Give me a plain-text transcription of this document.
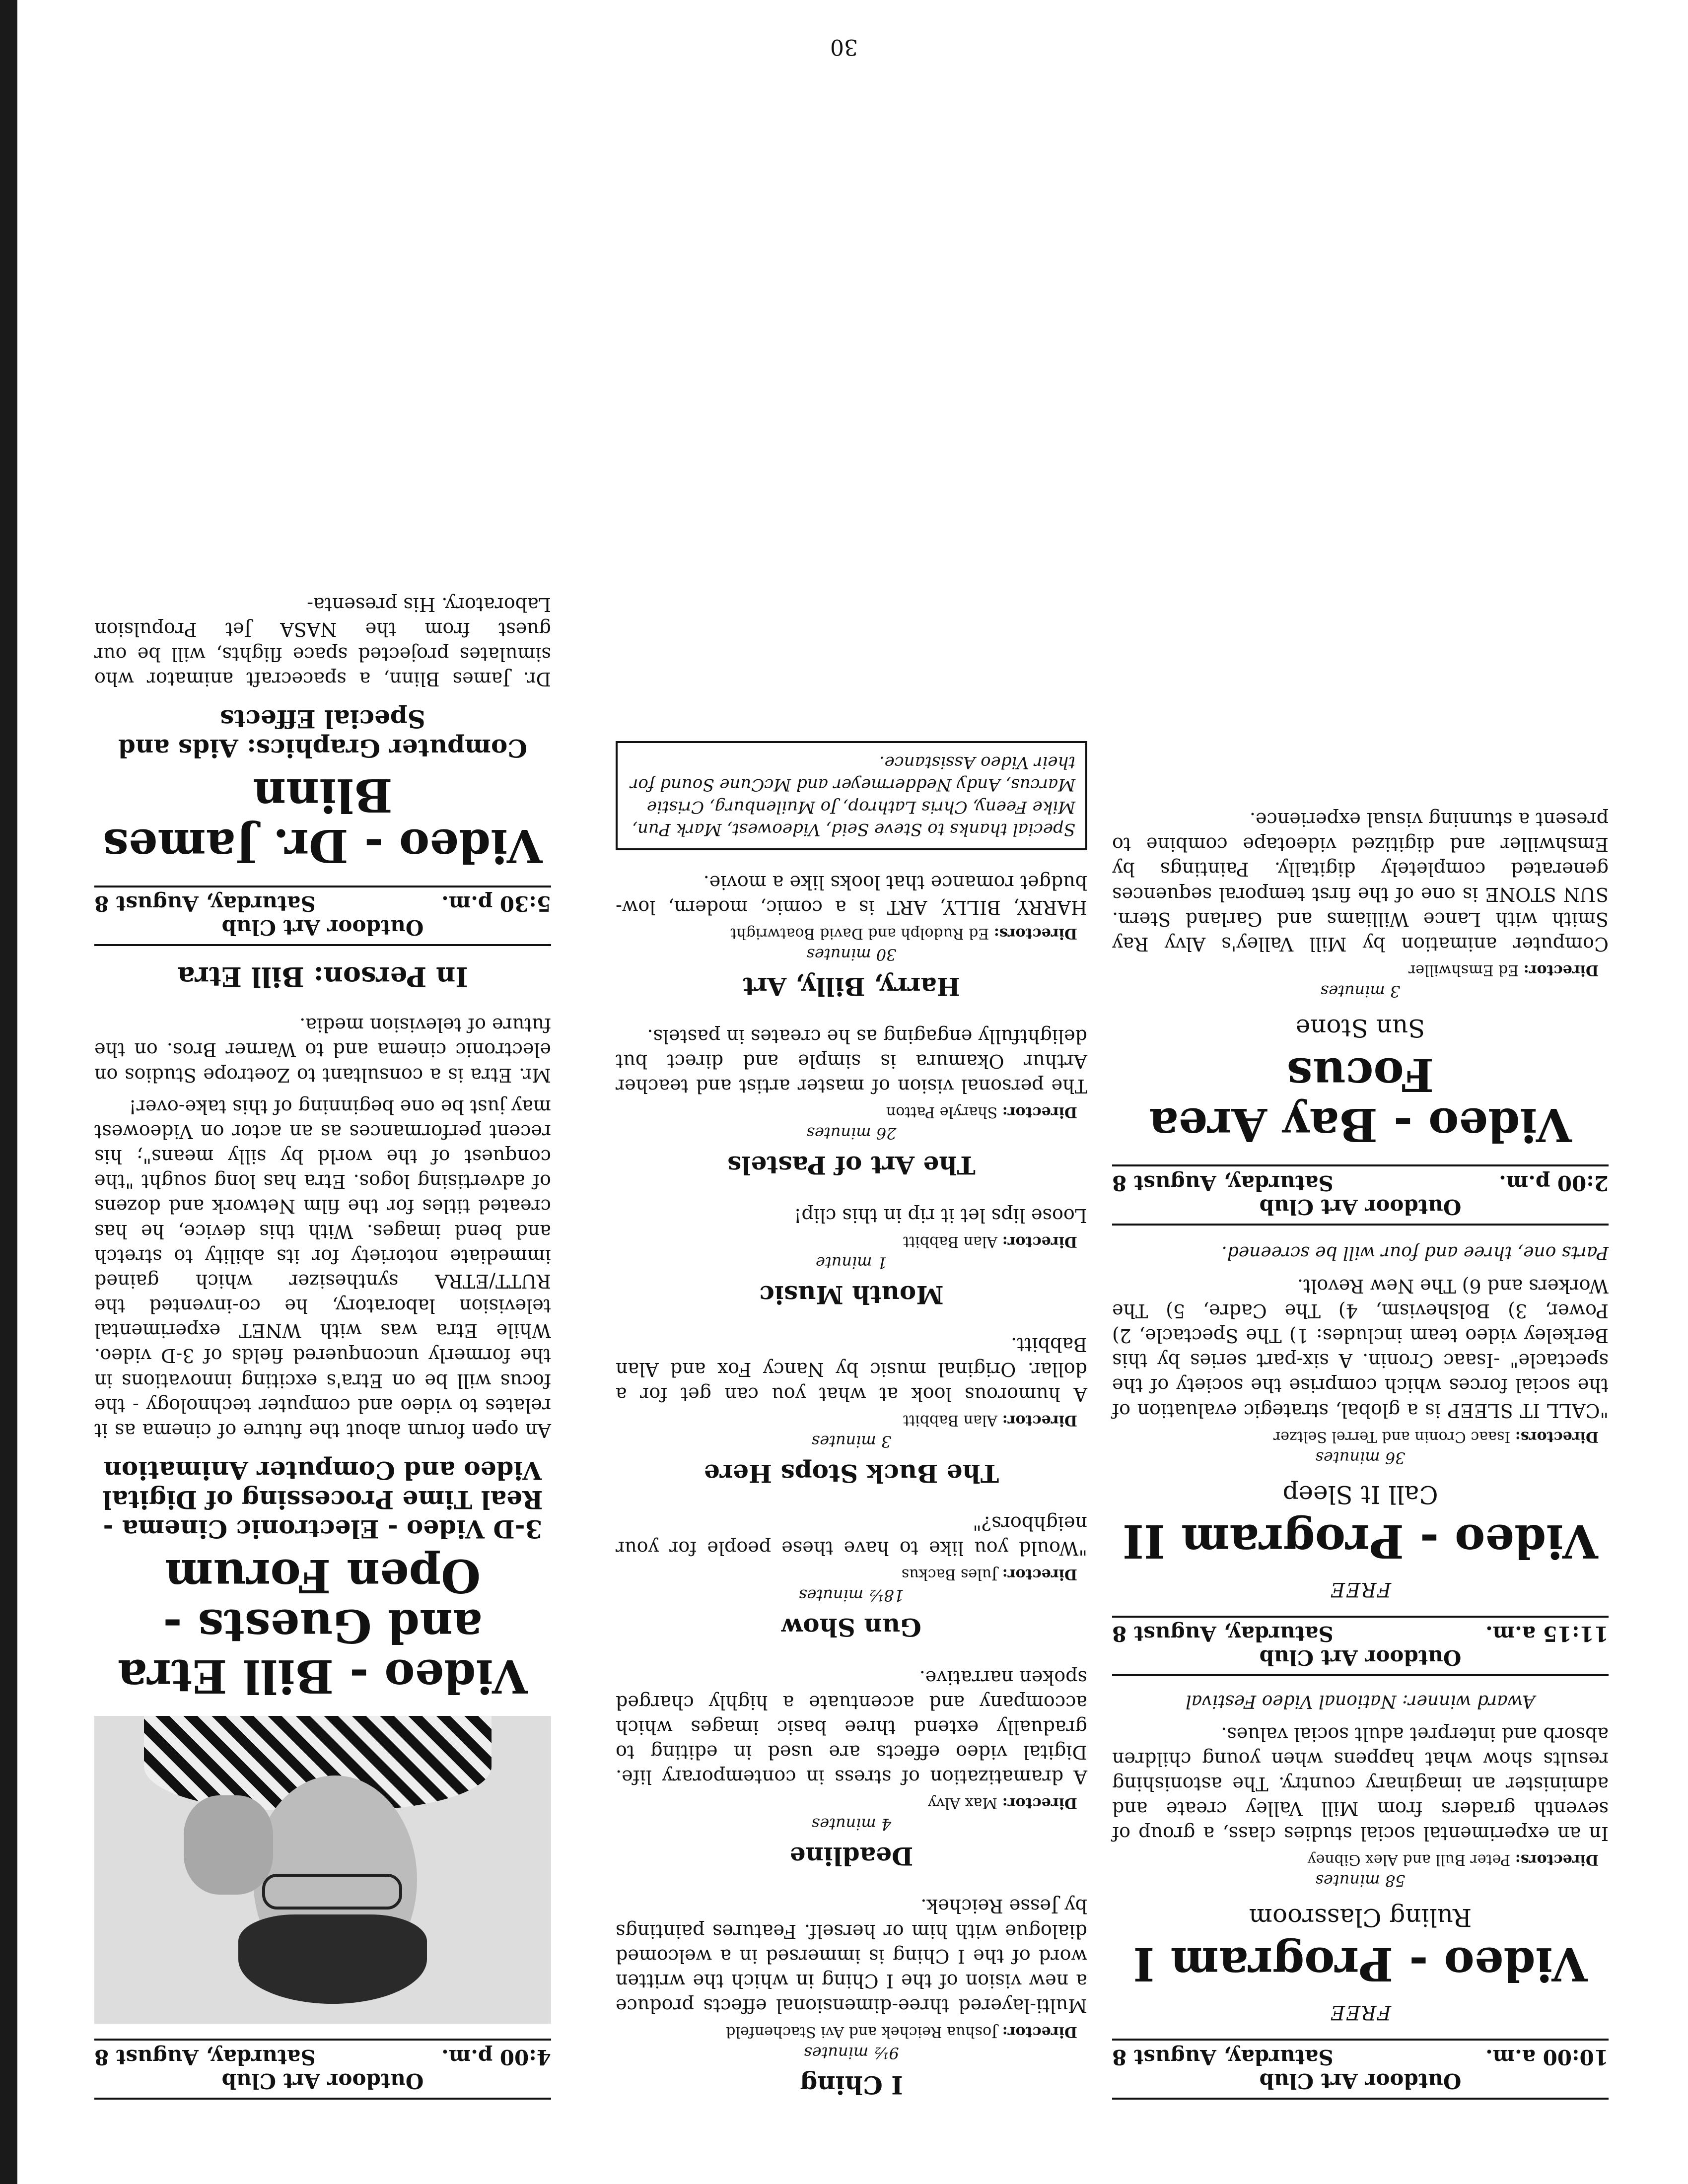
Outdoor Art Club
10:00 a.m.
Saturday, August 8
FREE
Video - Program I
Ruling Classroom
58 minutes
Directors: Peter Bull and Alex Gibney
In an experimental social studies class, a group of seventh graders from Mill Valley create and administer an imaginary country. The astonishing results show what happens when young children absorb and interpret adult social values.
Award winner: National Video Festival
Outdoor Art Club
11:15 a.m.
Saturday, August 8
FREE
Video - Program II
Call It Sleep
36 minutes
Directors: Isaac Cronin and Terrel Seltzer
"CALL IT SLEEP is a global, strategic evaluation of the social forces which comprise the society of the spectacle" -Isaac Cronin. A six-part series by this Berkeley video team includes: 1) The Spectacle, 2) Power, 3) Bolshevism, 4) The Cadre, 5) The Workers and 6) The New Revolt.
Parts one, three and four will be screened.
Outdoor Art Club
2:00 p.m.
Saturday, August 8
Video - Bay Area Focus
Sun Stone
3 minutes
Director: Ed Emshwiller
Computer animation by Mill Valley's Alvy Ray Smith with Lance Williams and Garland Stern. SUN STONE is one of the first temporal sequences generated completely digitally. Paintings by Emshwiller and digitized videotape combine to present a stunning visual experience.
I Ching
9½ minutes
Director: Joshua Reichek and Avi Stachenfeld
Multi-layered three-dimensional effects produce a new vision of the I Ching in which the written word of the I Ching is immersed in a welcomed dialogue with him or herself. Features paintings by Jesse Reichek.
Deadline
4 minutes
Director: Max Alvy
A dramatization of stress in contemporary life. Digital video effects are used in editing to gradually extend three basic images which accompany and accentuate a highly charged spoken narrative.
Gun Show
18½ minutes
Director: Jules Backus
"Would you like to have these people for your neighbors?"
The Buck Stops Here
3 minutes
Director: Alan Babbitt
A humorous look at what you can get for a dollar. Original music by Nancy Fox and Alan Babbitt.
Mouth Music
1 minute
Director: Alan Babbitt
Loose lips let it rip in this clip!
The Art of Pastels
26 minutes
Director: Sharyle Patton
The personal vision of master artist and teacher Arthur Okamura is simple and direct but delightfully engaging as he creates in pastels.
Harry, Billy, Art
30 minutes
Directors: Ed Rudolph and David Boatwright
HARRY, BILLY, ART is a comic, modern, low-budget romance that looks like a movie.
Special thanks to Steve Seid, Videowest, Mark Pun, Mike Feeny, Chris Lathrop, Jo Muilenburg, Cristie Marcus, Andy Neddermeyer and McCune Sound for their Video Assistance.
Outdoor Art Club
4:00 p.m.
Saturday, August 8
Video - Bill Etra and Guests - Open Forum
3-D Video - Electronic Cinema - Real Time Processing of Digital Video and Computer Animation
An open forum about the future of cinema as it relates to video and computer technology - the focus will be on Etra's exciting innovations in the formerly unconquered fields of 3-D video. While Etra was with WNET experimental television laboratory, he co-invented the RUTT/ETRA synthesizer which gained immediate notoriety for its ability to stretch and bend images. With this device, he has created titles for the film Network and dozens of advertising logos. Etra has long sought "the conquest of the world by silly means"; his recent performances as an actor on Videowest may just be one beginning of this take-over!
Mr. Etra is a consultant to Zoetrope Studios on electronic cinema and to Warner Bros. on the future of television media.
In Person: Bill Etra
Outdoor Art Club
5:30 p.m.
Saturday, August 8
Video - Dr. James Blinn
Computer Graphics: Aids and Special Effects
Dr. James Blinn, a spacecraft animator who simulates projected space flights, will be our guest from the NASA Jet Propulsion Laboratory. His presenta-
30
